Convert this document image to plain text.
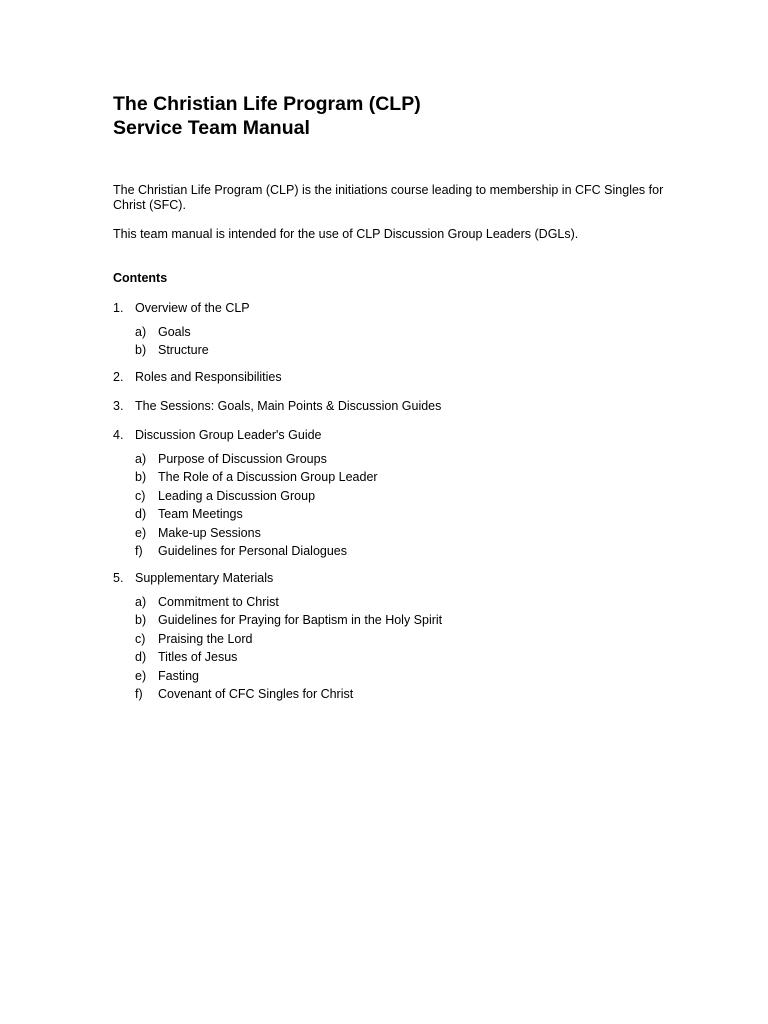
The Christian Life Program (CLP)
Service Team Manual

The Christian Life Program (CLP) is the initiations course leading to membership in CFC Singles for Christ (SFC).

This team manual is intended for the use of CLP Discussion Group Leaders (DGLs).

Contents
1. Overview of the CLP
a) Goals
b) Structure
2. Roles and Responsibilities
3. The Sessions: Goals, Main Points & Discussion Guides
4. Discussion Group Leader's Guide
a) Purpose of Discussion Groups
b) The Role of a Discussion Group Leader
c)	Leading a Discussion Group
d) Team Meetings
e) Make-up Sessions
f)	Guidelines for Personal Dialogues
5. Supplementary Materials
a) Commitment to Christ
b) Guidelines for Praying for Baptism in the Holy Spirit
c)	Praising the Lord
d) Titles of Jesus
e) Fasting
f)	Covenant of CFC Singles for Christ
